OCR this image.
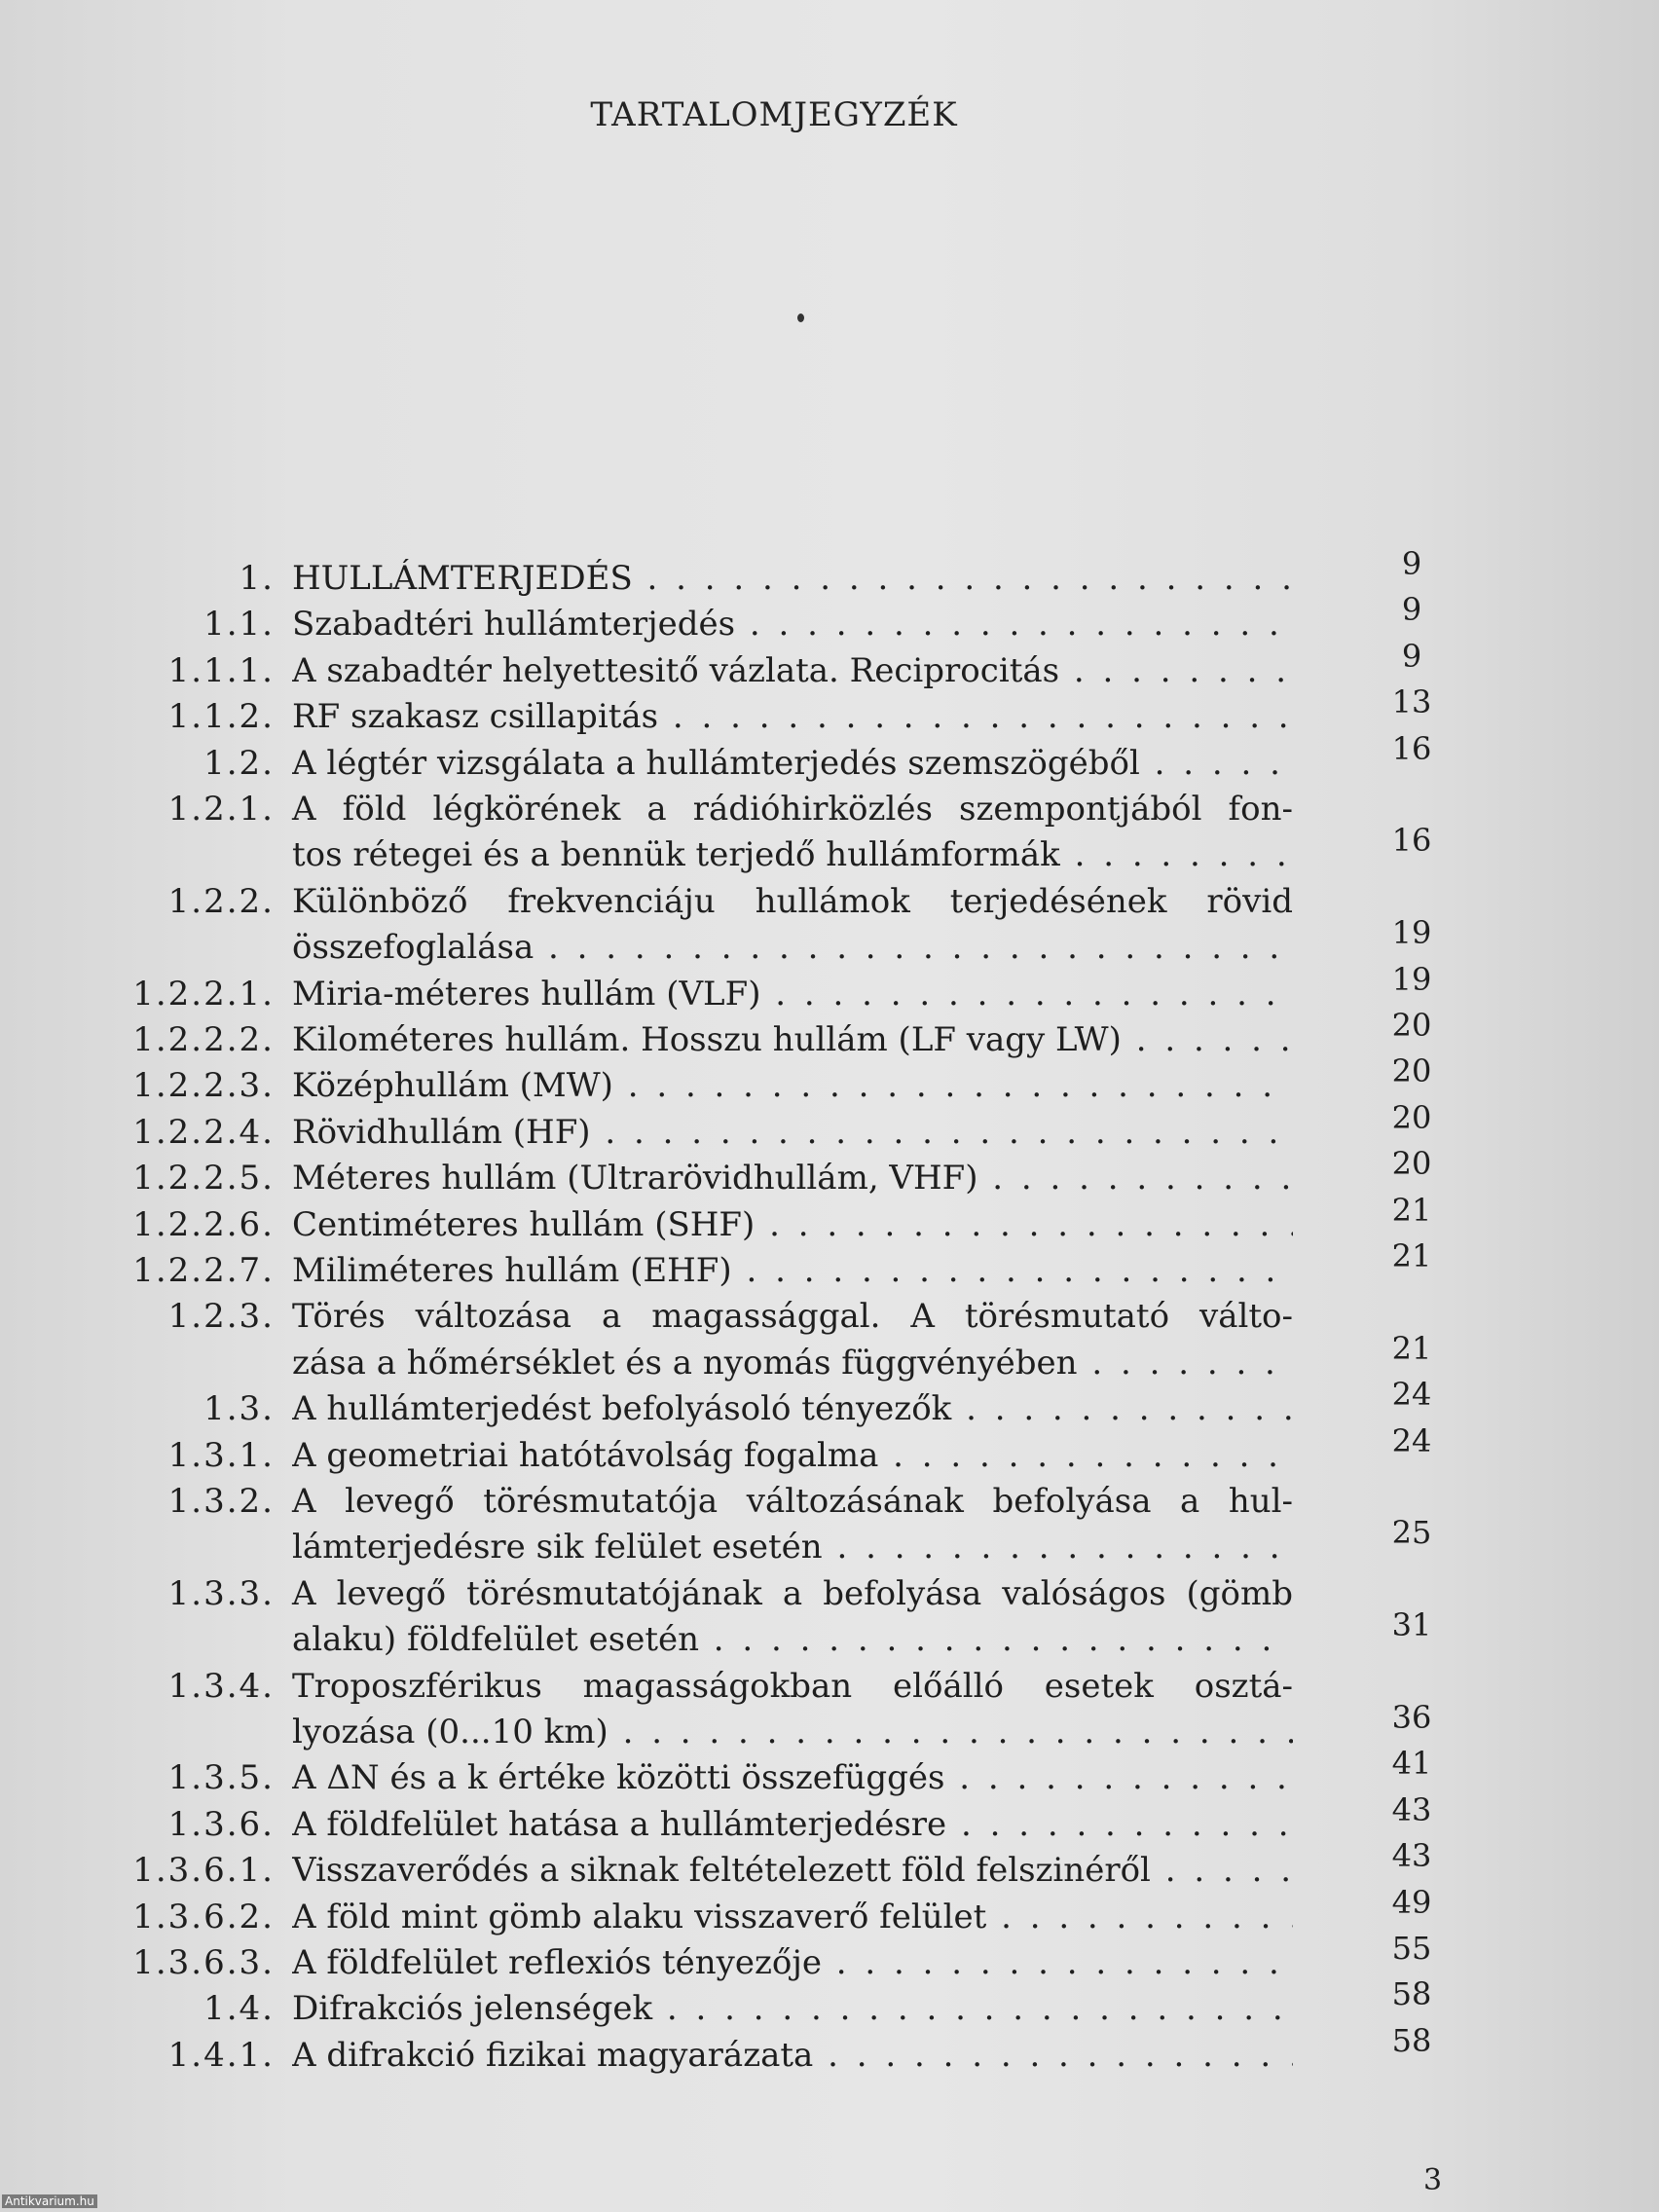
TARTALOMJEGYZÉK
1. HULLÁMTERJEDÉS . . .	9
1.1. Szabadtéri hullámterjedés . . .	9
1.1.1. A szabadtér helyettesitő vázlata. Reciprocitás . . .	9
1.1.2. RF szakasz csillapitás . . .	13
1.2. A légtér vizsgálata a hullámterjedés szemszögéből . . .	16
1.2.1. A föld légkörének a rádióhirközlés szempontjából fon-
tos rétegei és a bennük terjedő hullámformák . . .	16
1.2.2. Különböző frekvenciáju hullámok terjedésének rövid
összefoglalása . . .	19
1.2.2.1. Miria-méteres hullám (VLF) . . .	19
1.2.2.2. Kilométeres hullám. Hosszu hullám (LF vagy LW) . . .	20
1.2.2.3. Középhullám (MW) . . .	20
1.2.2.4. Rövidhullám (HF) . . .	20
1.2.2.5. Méteres hullám (Ultrarövidhullám, VHF) . . .	20
1.2.2.6. Centiméteres hullám (SHF) . . .	21
1.2.2.7. Miliméteres hullám (EHF) . . .	21
1.2.3. Törés változása a magassággal. A törésmutató válto-
zása a hőmérséklet és a nyomás függvényében . . .	21
1.3. A hullámterjedést befolyásoló tényezők . . .	24
1.3.1. A geometriai hatótávolság fogalma . . .	24
1.3.2. A levegő törésmutatója változásának befolyása a hul-
lámterjedésre sik felület esetén . . .	25
1.3.3. A levegő törésmutatójának a befolyása valóságos (gömb
alaku) földfelület esetén . . .	31
1.3.4. Troposzférikus magasságokban előálló esetek osztá-
lyozása (0...10 km) . . .	36
1.3.5. A ΔN és a k értéke közötti összefüggés . . .	41
1.3.6. A földfelület hatása a hullámterjedésre . . .	43
1.3.6.1. Visszaverődés a siknak feltételezett föld felszinéről . . .	43
1.3.6.2. A föld mint gömb alaku visszaverő felület . . .	49
1.3.6.3. A földfelület reflexiós tényezője . . .	55
1.4. Difrakciós jelenségek . . .	58
1.4.1. A difrakció fizikai magyarázata . . .	58
3
Antikvarium.hu
